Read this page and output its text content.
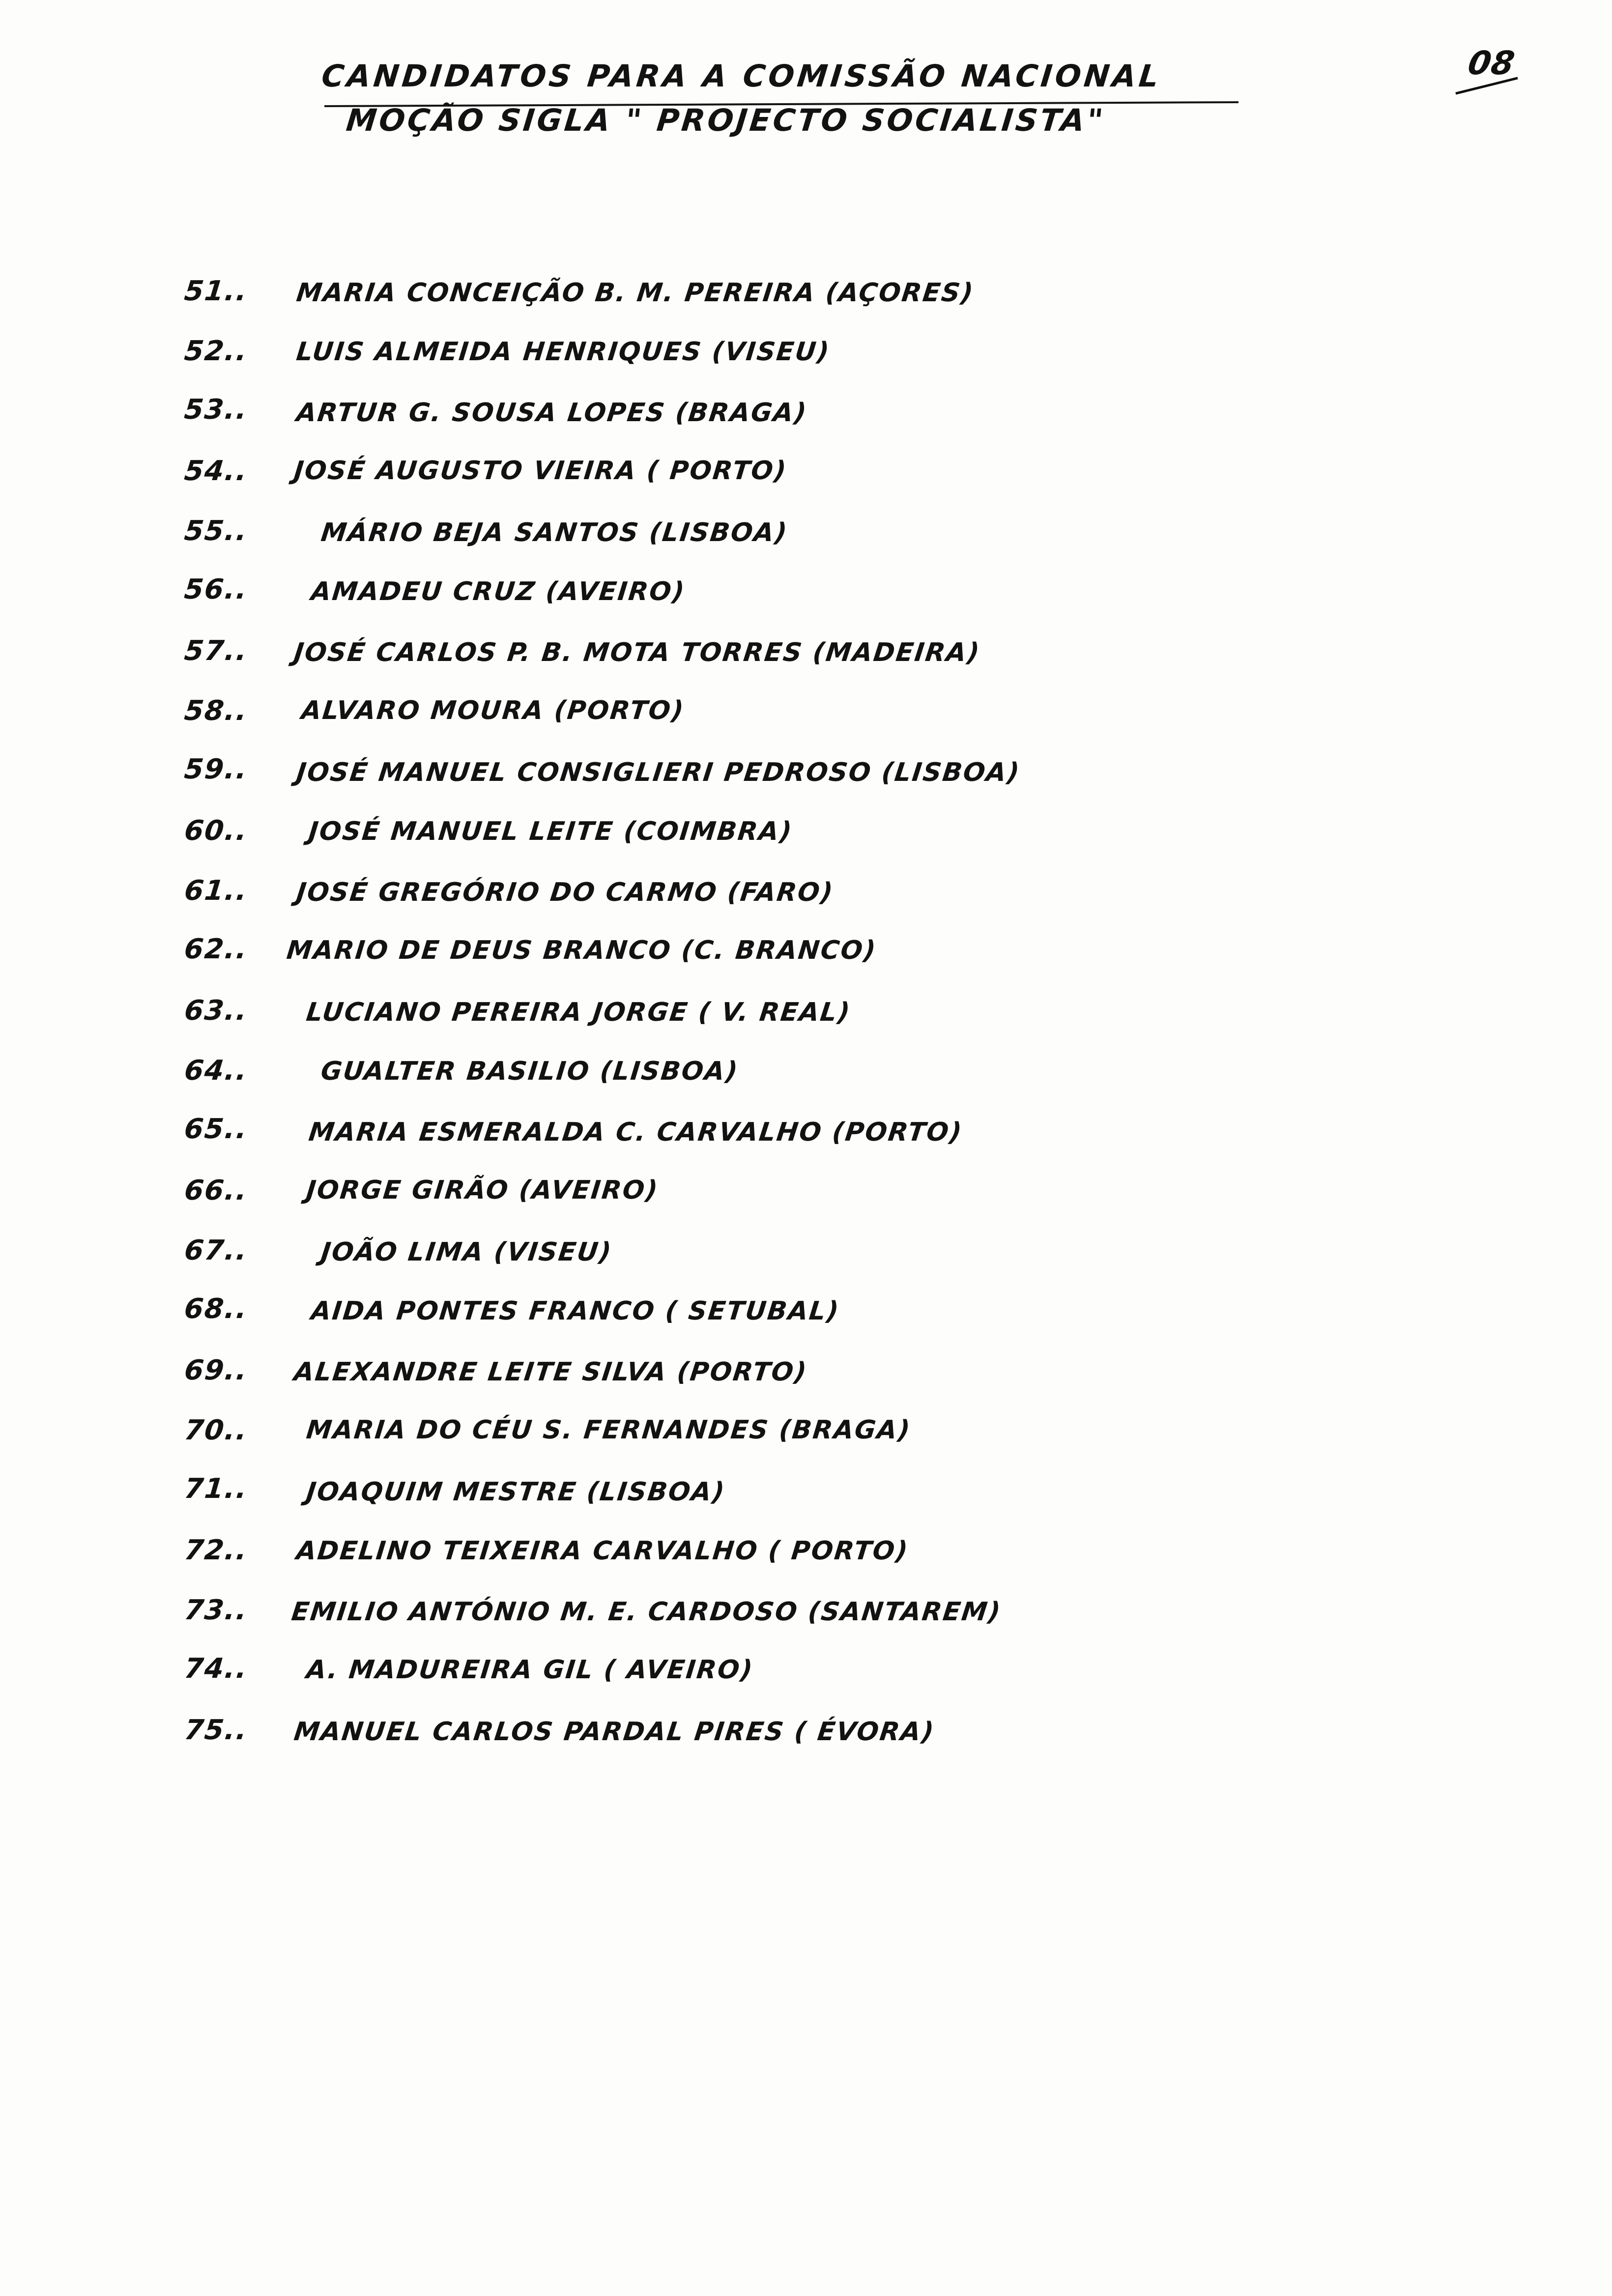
08
CANDIDATOS PARA A COMISSÃO NACIONAL
MOÇÃO SIGLA " PROJECTO SOCIALISTA"
51.. MARIA CONCEIÇÃO B. M. PEREIRA (AÇORES)
52.. LUIS ALMEIDA HENRIQUES (VISEU)
53.. ARTUR G. SOUSA LOPES (BRAGA)
54.. JOSÉ AUGUSTO VIEIRA ( PORTO)
55..	MÁRIO BEJA SANTOS (LISBOA)
56.. AMADEU CRUZ (AVEIRO)
57.. JOSÉ CARLOS P. B. MOTA TORRES (MADEIRA)
58.. ALVARO MOURA (PORTO)
59.. JOSÉ MANUEL CONSIGLIERI PEDROSO (LISBOA)
60.. JOSÉ MANUEL LEITE (COIMBRA)
61.. JOSÉ GREGÓRIO DO CARMO (FARO)
62.. MARIO DE DEUS BRANCO (C. BRANCO)
63.. LUCIANO PEREIRA JORGE ( V. REAL)
64..	GUALTER BASILIO (LISBOA)
65.. MARIA ESMERALDA C. CARVALHO (PORTO)
66.. JORGE GIRÃO (AVEIRO)
67..	JOÃO LIMA (VISEU)
68.. AIDA PONTES FRANCO ( SETUBAL)
69.. ALEXANDRE LEITE SILVA (PORTO)
70.. MARIA DO CÉU S. FERNANDES (BRAGA)
71.. JOAQUIM MESTRE (LISBOA)
72.. ADELINO TEIXEIRA CARVALHO ( PORTO)
73.. EMILIO ANTÓNIO M. E. CARDOSO (SANTAREM)
74.. A. MADUREIRA GIL ( AVEIRO)
75.. MANUEL CARLOS PARDAL PIRES ( ÉVORA)
